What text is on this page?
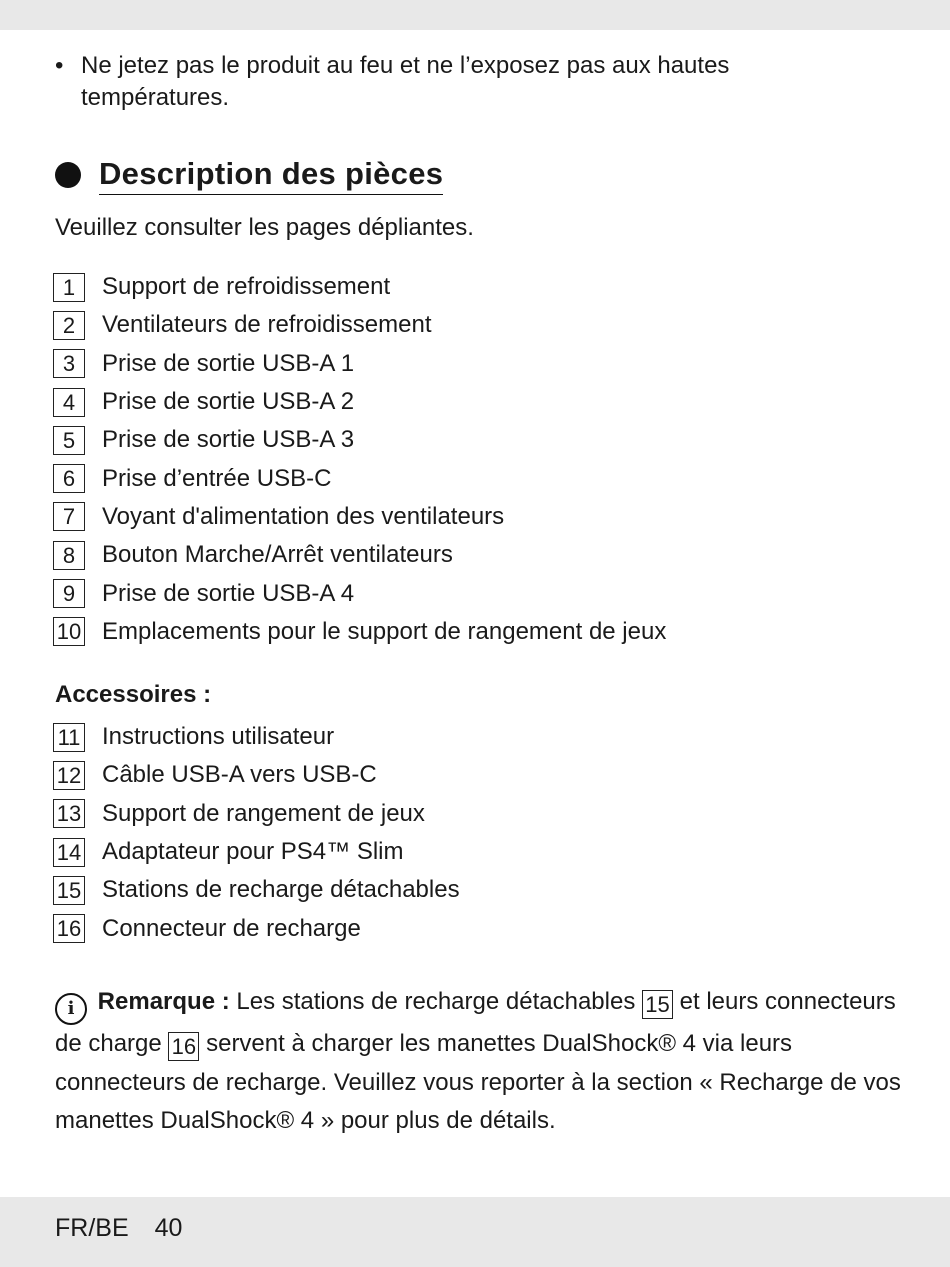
• Ne jetez pas le produit au feu et ne l’exposez pas aux hautes températures.
Description des pièces
Veuillez consulter les pages dépliantes.
1	Support de refroidissement
2	Ventilateurs de refroidissement
3	Prise de sortie USB-A 1
4	Prise de sortie USB-A 2
5	Prise de sortie USB-A 3
6	Prise d’entrée USB-C
7	Voyant d'alimentation des ventilateurs
8	Bouton Marche/Arrêt ventilateurs
9	Prise de sortie USB-A 4
10 Emplacements pour le support de rangement de jeux
Accessoires :
11 Instructions utilisateur
12 Câble USB-A vers USB-C
13 Support de rangement de jeux
14 Adaptateur pour PS4™ Slim
15 Stations de recharge détachables
16 Connecteur de recharge
i Remarque : Les stations de recharge détachables 15 et leurs connecteurs de charge 16 servent à charger les manettes DualShock® 4 via leurs connecteurs de recharge. Veuillez vous reporter à la section « Recharge de vos manettes DualShock® 4 » pour plus de détails.
FR/BE 40
